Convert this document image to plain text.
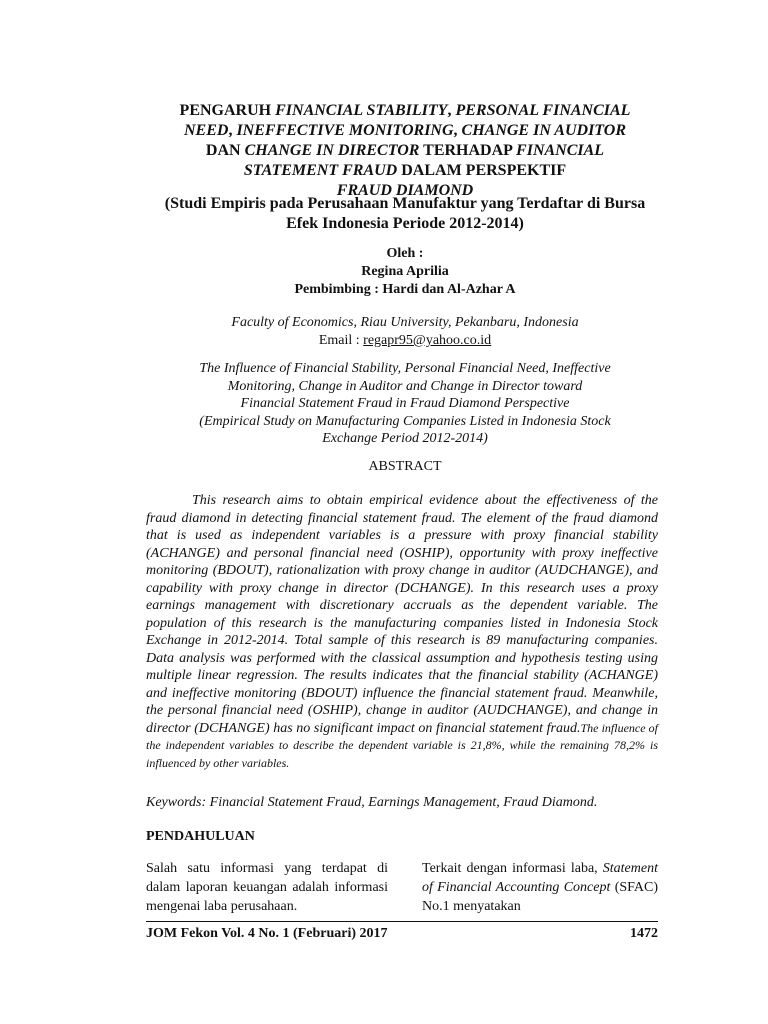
PENGARUH FINANCIAL STABILITY, PERSONAL FINANCIAL
NEED, INEFFECTIVE MONITORING, CHANGE IN AUDITOR
DAN CHANGE IN DIRECTOR TERHADAP FINANCIAL
STATEMENT FRAUD DALAM PERSPEKTIF
FRAUD DIAMOND
(Studi Empiris pada Perusahaan Manufaktur yang Terdaftar di Bursa
Efek Indonesia Periode 2012-2014)
Oleh :
Regina Aprilia
Pembimbing : Hardi dan Al-Azhar A
Faculty of Economics, Riau University, Pekanbaru, Indonesia
Email : regapr95@yahoo.co.id
The Influence of Financial Stability, Personal Financial Need, Ineffective
Monitoring, Change in Auditor and Change in Director toward
Financial Statement Fraud in Fraud Diamond Perspective
(Empirical Study on Manufacturing Companies Listed in Indonesia Stock
Exchange Period 2012-2014)
ABSTRACT

This research aims to obtain empirical evidence about the effectiveness of the fraud diamond in detecting financial statement fraud. The element of the fraud diamond that is used as independent variables is a pressure with proxy financial stability (ACHANGE) and personal financial need (OSHIP), opportunity with proxy ineffective monitoring (BDOUT), rationalization with proxy change in auditor (AUDCHANGE), and capability with proxy change in director (DCHANGE). In this research uses a proxy earnings management with discretionary accruals as the dependent variable. The population of this research is the manufacturing companies listed in Indonesia Stock Exchange in 2012-2014. Total sample of this research is 89 manufacturing companies. Data analysis was performed with the classical assumption and hypothesis testing using multiple linear regression. The results indicates that the financial stability (ACHANGE) and ineffective monitoring (BDOUT) influence the financial statement fraud. Meanwhile, the personal financial need (OSHIP), change in auditor (AUDCHANGE), and change in director (DCHANGE) has no significant impact on financial statement fraud.The influence of the independent variables to describe the dependent variable is 21,8%, while the remaining 78,2% is influenced by other variables.

Keywords: Financial Statement Fraud, Earnings Management, Fraud Diamond.
PENDAHULUAN

Salah satu informasi yang terdapat di dalam laporan keuangan adalah informasi mengenai laba perusahaan.

Terkait dengan informasi laba, Statement of Financial Accounting Concept (SFAC) No.1 menyatakan

JOM Fekon Vol. 4 No. 1 (Februari) 2017	1472
